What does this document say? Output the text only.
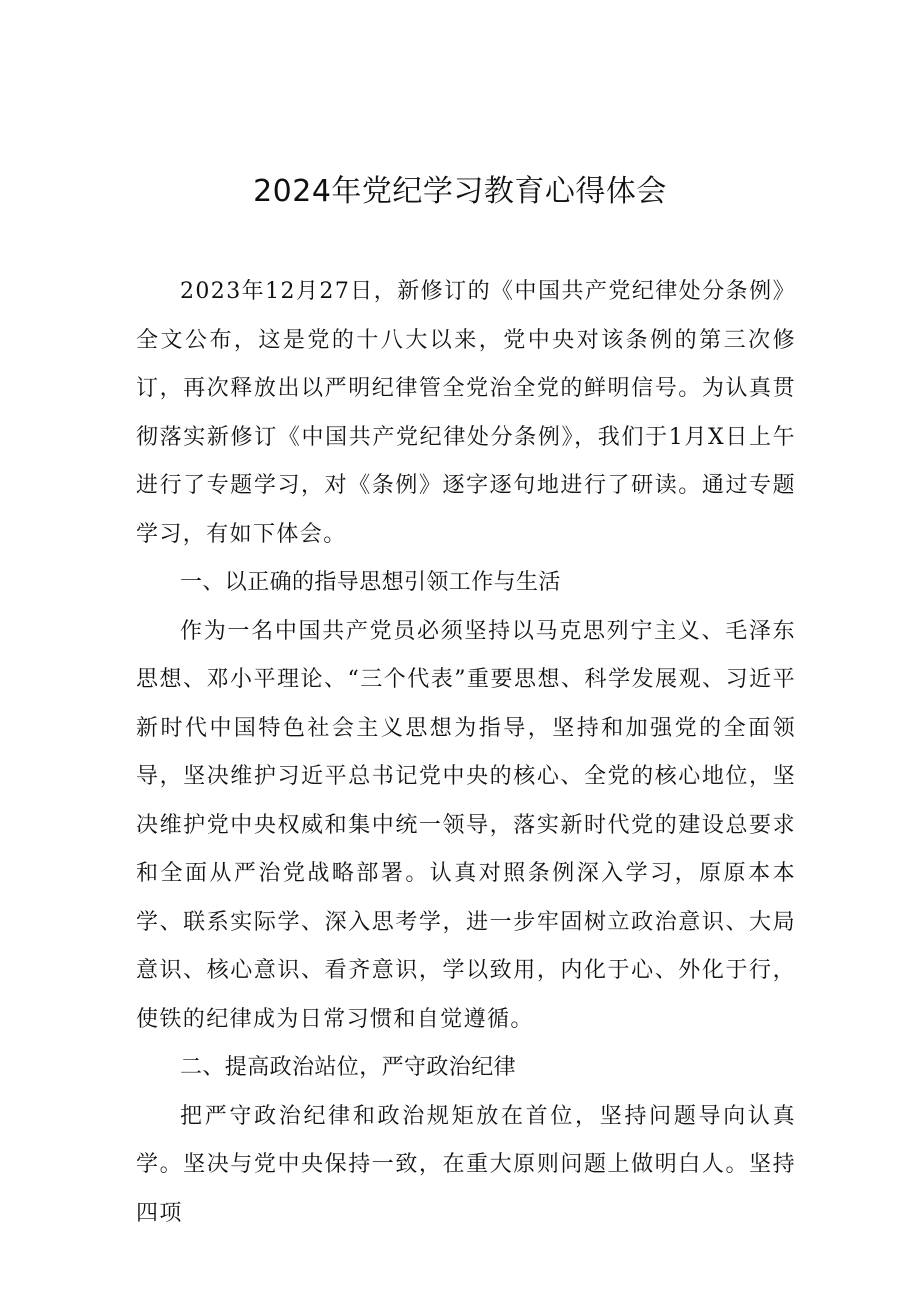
2024年党纪学习教育心得体会

2023年12月27日，新修订的《中国共产党纪律处分条例》全文公布，这是党的十八大以来，党中央对该条例的第三次修订，再次释放出以严明纪律管全党治全党的鲜明信号。为认真贯彻落实新修订《中国共产党纪律处分条例》，我们于1月X日上午进行了专题学习，对《条例》逐字逐句地进行了研读。通过专题学习，有如下体会。

一、以正确的指导思想引领工作与生活

作为一名中国共产党员必须坚持以马克思列宁主义、毛泽东思想、邓小平理论、“三个代表”重要思想、科学发展观、习近平新时代中国特色社会主义思想为指导，坚持和加强党的全面领导，坚决维护习近平总书记党中央的核心、全党的核心地位，坚决维护党中央权威和集中统一领导，落实新时代党的建设总要求和全面从严治党战略部署。认真对照条例深入学习，原原本本学、联系实际学、深入思考学，进一步牢固树立政治意识、大局意识、核心意识、看齐意识，学以致用，内化于心、外化于行，使铁的纪律成为日常习惯和自觉遵循。

二、提高政治站位，严守政治纪律

把严守政治纪律和政治规矩放在首位，坚持问题导向认真学。坚决与党中央保持一致，在重大原则问题上做明白人。坚持四项
